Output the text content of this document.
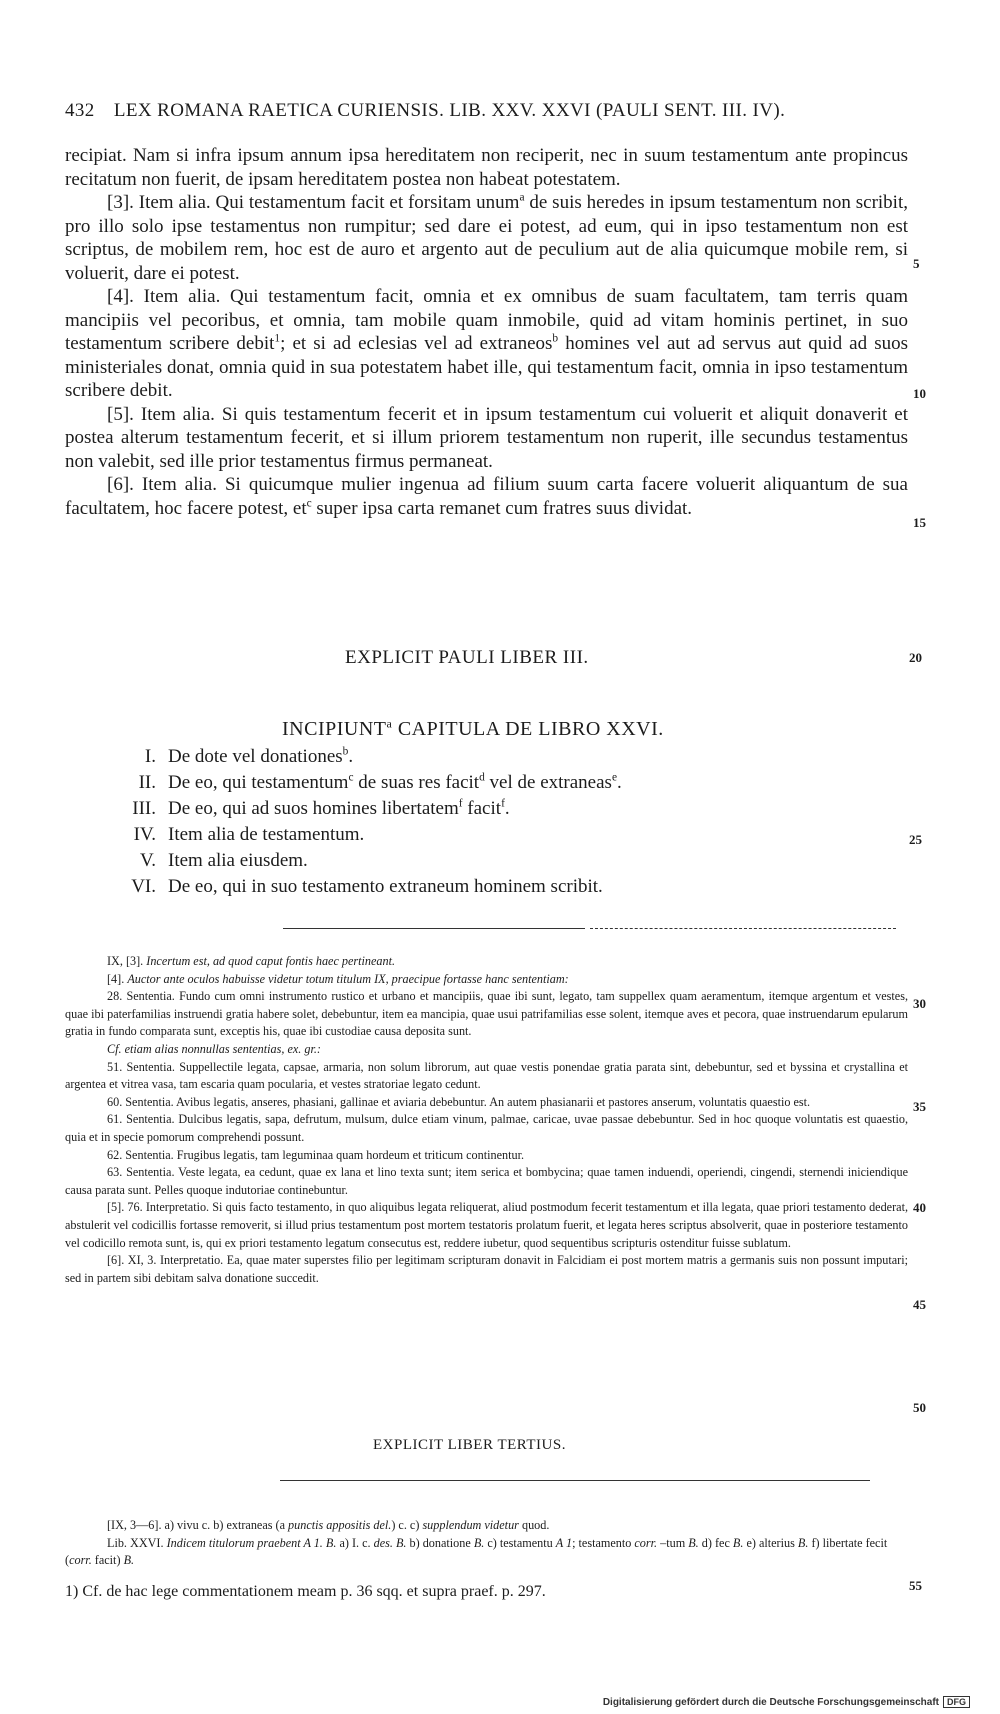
432 LEX ROMANA RAETICA CURIENSIS. LIB. XXV. XXVI (PAULI SENT. III. IV).

recipiat. Nam si infra ipsum annum ipsa hereditatem non reciperit, nec in suum testamentum ante propincus recitatum non fuerit, de ipsam hereditatem postea non habeat potestatem.

[3]. Item alia. Qui testamentum facit et forsitam unum$^a$ de suis heredes in ipsum testamentum non scribit, pro illo solo ipse testamentus non rumpitur; sed dare ei potest, ad eum, qui in ipso testamentum non est scriptus, de mobilem rem, hoc est de auro et argento aut de peculium aut de alia quicumque mobile rem, si voluerit, dare ei potest.

[4]. Item alia. Qui testamentum facit, omnia et ex omnibus de suam facultatem, tam terris quam mancipiis vel pecoribus, et omnia, tam mobile quam inmobile, quid ad vitam hominis pertinet, in suo testamentum scribere debit$^1$; et si ad eclesias vel ad extraneos$^b$ homines vel aut ad servus aut quid ad suos ministeriales donat, omnia quid in sua potestatem habet ille, qui testamentum facit, omnia in ipso testamentum scribere debit.

[5]. Item alia. Si quis testamentum fecerit et in ipsum testamentum cui voluerit et aliquit donaverit et postea alterum testamentum fecerit, et si illum priorem testamentum non ruperit, ille secundus testamentus non valebit, sed ille prior testamentus firmus permaneat.

[6]. Item alia. Si quicumque mulier ingenua ad filium suum carta facere voluerit aliquantum de sua facultatem, hoc facere potest, $et^c$ super ipsa carta remanet cum fratres suus dividat.

EXPLICIT PAULI LIBER III.
INCIPIUNT$^a$ CAPITULA DE LIBRO XXVI.
I. De dote vel donationes$^b$.
II. De eo, qui testamentum$^c$ de suas res facit$^d$ vel de extraneas$^e$.
III. De eo, qui ad suos homines libertatem$^f$ facit$^f$.
IV. Item alia de testamentum.
V. Item alia eiusdem.
VI. De eo, qui in suo testamento extraneum hominem scribit.
5
10
15
20
25
30
35
40
45
50
55

IX, [3]. Incertum est, ad quod caput fontis haec pertineant.

[4]. Auctor ante oculos habuisse videtur totum titulum IX, praecipue fortasse hanc sententiam:

28. Sententia. Fundo cum omni instrumento rustico et urbano et mancipiis, quae ibi sunt, legato, tam suppellex quam aeramentum, itemque argentum et vestes, quae ibi paterfamilias instruendi gratia habere solet, debebuntur, item ea mancipia, quae usui patrifamilias esse solent, itemque aves et pecora, quae instruendarum epularum gratia in fundo comparata sunt, exceptis his, quae ibi custodiae causa deposita sunt.

Cf. etiam alias nonnullas sententias, ex. gr.:

51. Sententia. Suppellectile legata, capsae, armaria, non solum librorum, aut quae vestis ponendae gratia parata sint, debebuntur, sed et byssina et crystallina et argentea et vitrea vasa, tam escaria quam pocularia, et vestes stratoriae legato cedunt.

60. Sententia. Avibus legatis, anseres, phasiani, gallinae et aviaria debebuntur. An autem phasianarii et pastores anserum, voluntatis quaestio est.

61. Sententia. Dulcibus legatis, sapa, defrutum, mulsum, dulce etiam vinum, palmae, caricae, uvae passae debebuntur. Sed in hoc quoque voluntatis est quaestio, quia et in specie pomorum comprehendi possunt.

62. Sententia. Frugibus legatis, tam leguminaa quam hordeum et triticum continentur.

63. Sententia. Veste legata, ea cedunt, quae ex lana et lino texta sunt; item serica et bombycina; quae tamen induendi, operiendi, cingendi, sternendi iniciendique causa parata sunt. Pelles quoque indutoriae continebuntur.

[5]. 76. Interpretatio. Si quis facto testamento, in quo aliquibus legata reliquerat, aliud postmodum fecerit testamentum et illa legata, quae priori testamento dederat, abstulerit vel codicillis fortasse removerit, si illud prius testamentum post mortem testatoris prolatum fuerit, et legata heres scriptus absolverit, quae in posteriore testamento vel codicillo remota sunt, is, qui ex priori testamento legatum consecutus est, reddere iubetur, quod sequentibus scripturis ostenditur fuisse sublatum.

[6]. XI, 3. Interpretatio. Ea, quae mater superstes filio per legitimam scripturam donavit in Falcidiam ei post mortem matris a germanis suis non possunt imputari; sed in partem sibi debitam salva donatione succedit.

EXPLICIT LIBER TERTIUS.

[IX, 3—6]. a) vivu c. b) extraneas (a punctis appositis del.) c. c) supplendum videtur quod.

Lib. XXVI. Indicem titulorum praebent A 1. B. a) I. c. des. B. b) donatione B. c) testamentu A 1; testamento corr. –tum B. d) fec B. e) alterius B. f) libertate fecit (corr. facit) B.

1) Cf. de hac lege commentationem meam p. 36 sqq. et supra praef. p. 297.
Digitalisierung gefördert durch die Deutsche Forschungsgemeinschaft DFG
